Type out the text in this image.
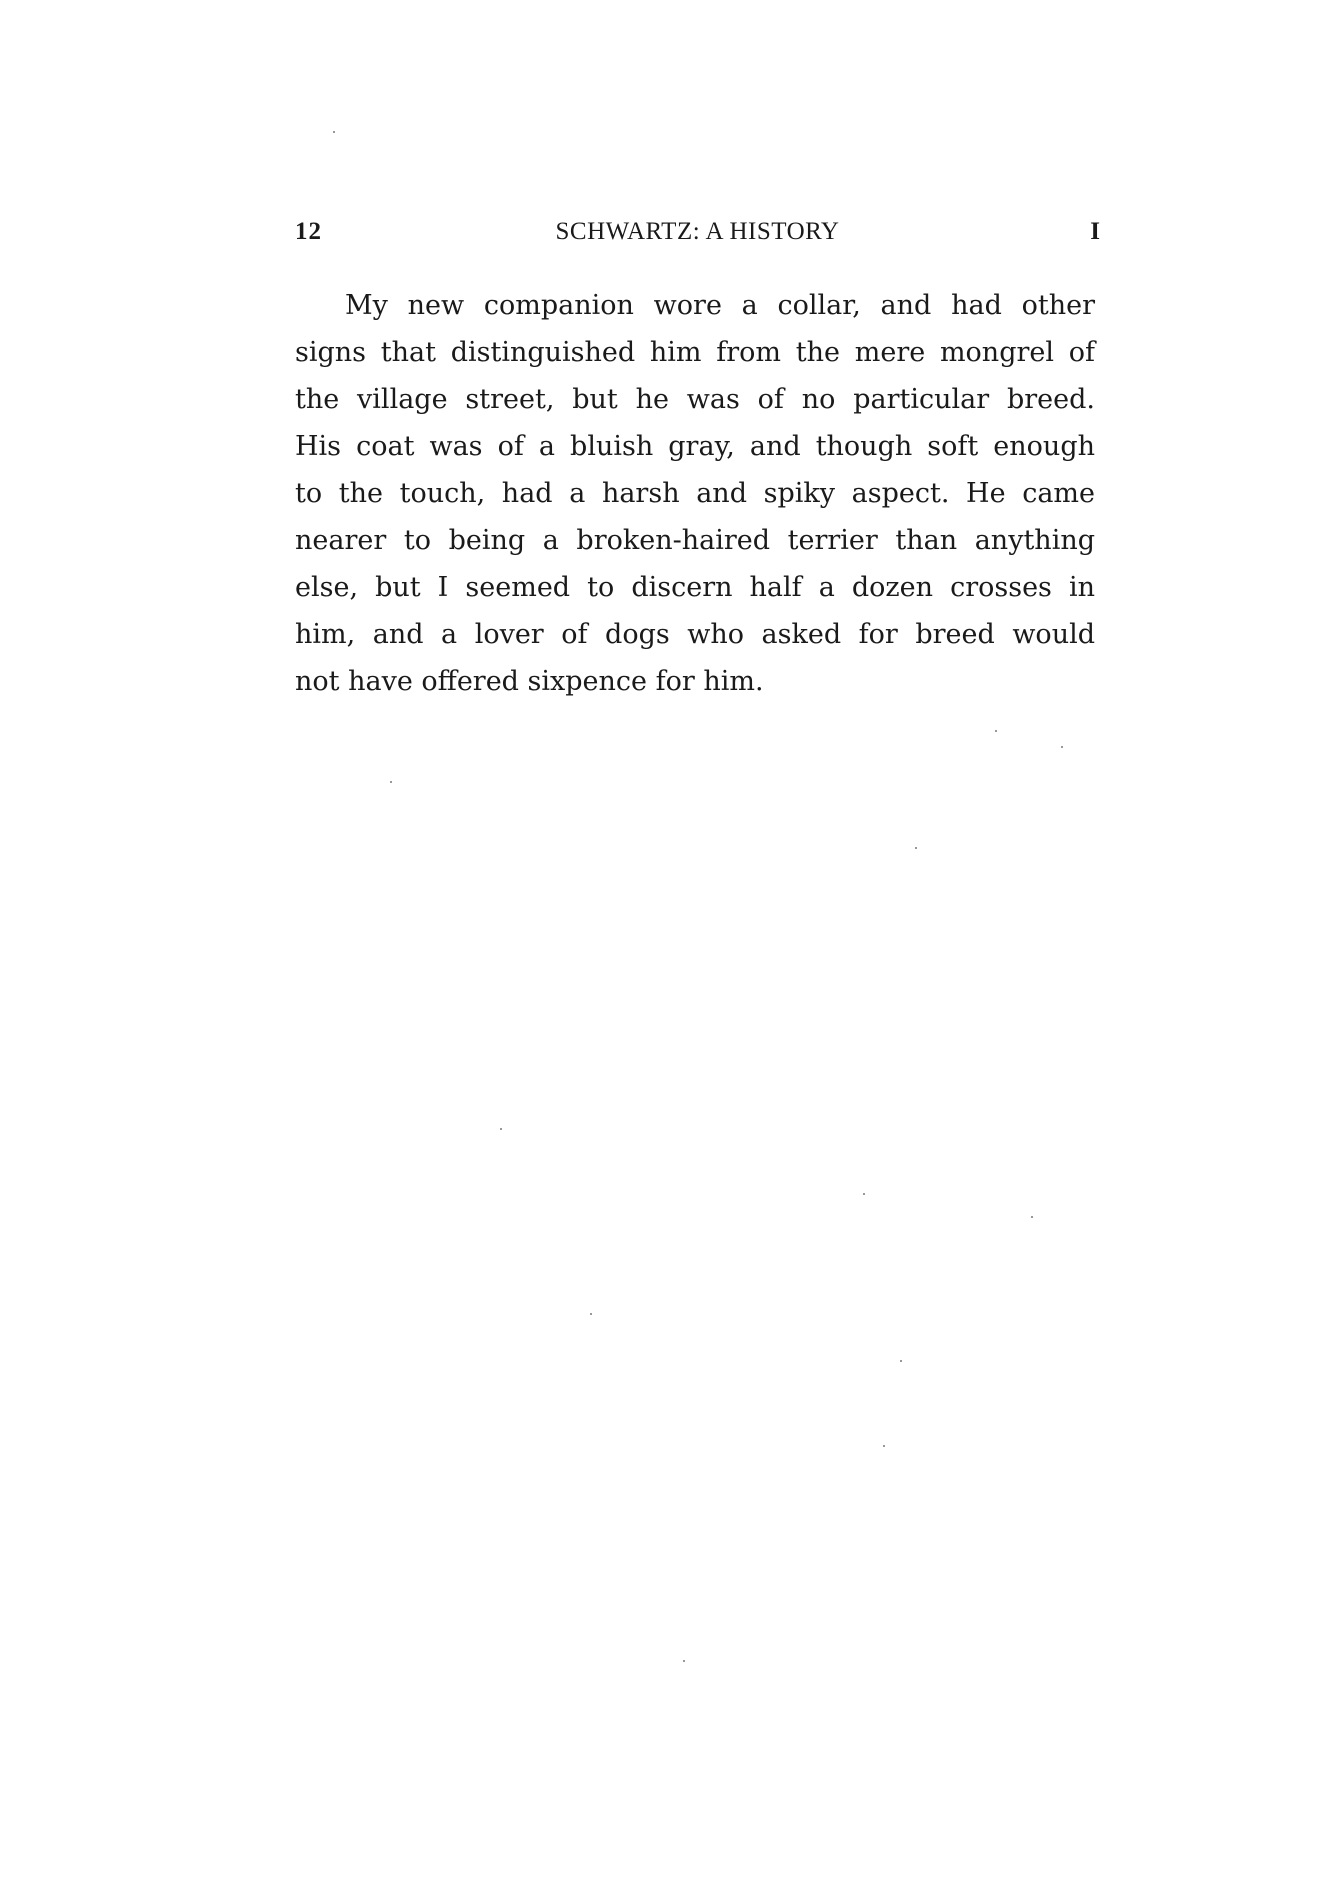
12	SCHWARTZ: A HISTORY	I
My new companion wore a collar, and had other
signs that distinguished him from the mere mongrel of
the village street, but he was of no particular breed.
His coat was of a bluish gray, and though soft enough
to the touch, had a harsh and spiky aspect. He came
nearer to being a broken-haired terrier than anything
else, but I seemed to discern half a dozen crosses in
him, and a lover of dogs who asked for breed would
not have offered sixpence for him.
